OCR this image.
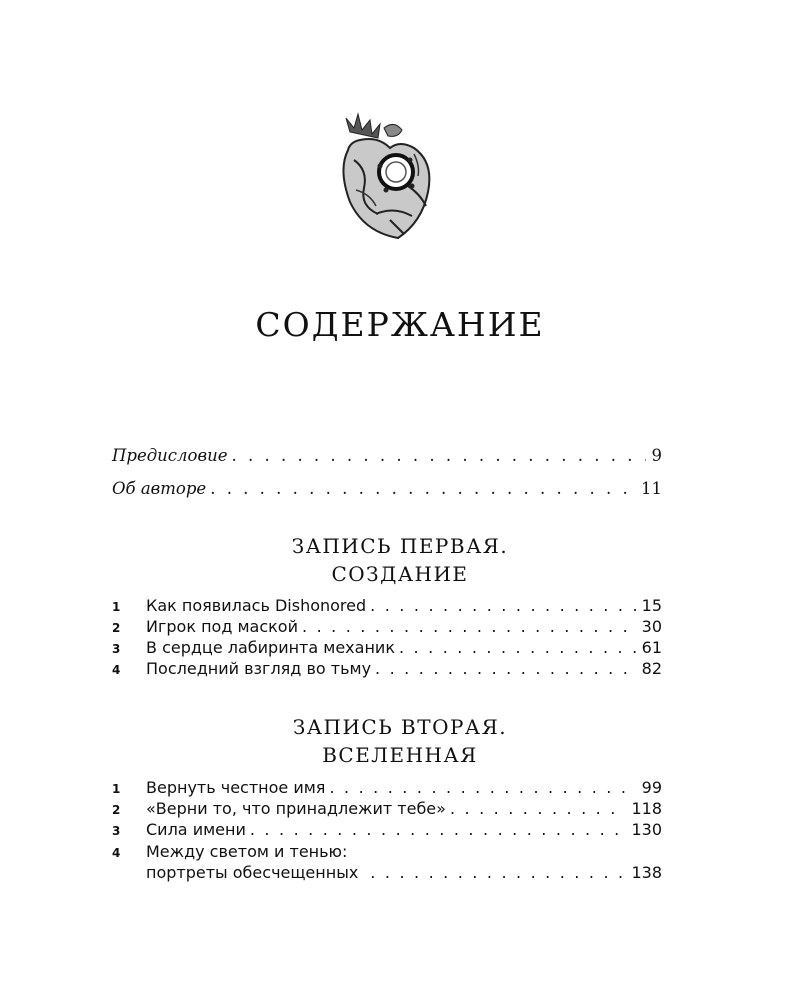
СОДЕРЖАНИЕ
Предисловие . . .	9
Об авторе . . .	11
ЗАПИСЬ ПЕРВАЯ.
СОЗДАНИЕ
1	Как появилась Dishonored . . .	15
2	Игрок под маской . . .	30
3	В сердце лабиринта механик . . .	61
4	Последний взгляд во тьму . . .	82
ЗАПИСЬ ВТОРАЯ.
ВСЕЛЕННАЯ
1	Вернуть честное имя . . .	99
2	«Верни то, что принадлежит тебе» . . .	118
3	Сила имени . . .	130
4	Между светом и тенью:
портреты обесчещенных . . .	138
